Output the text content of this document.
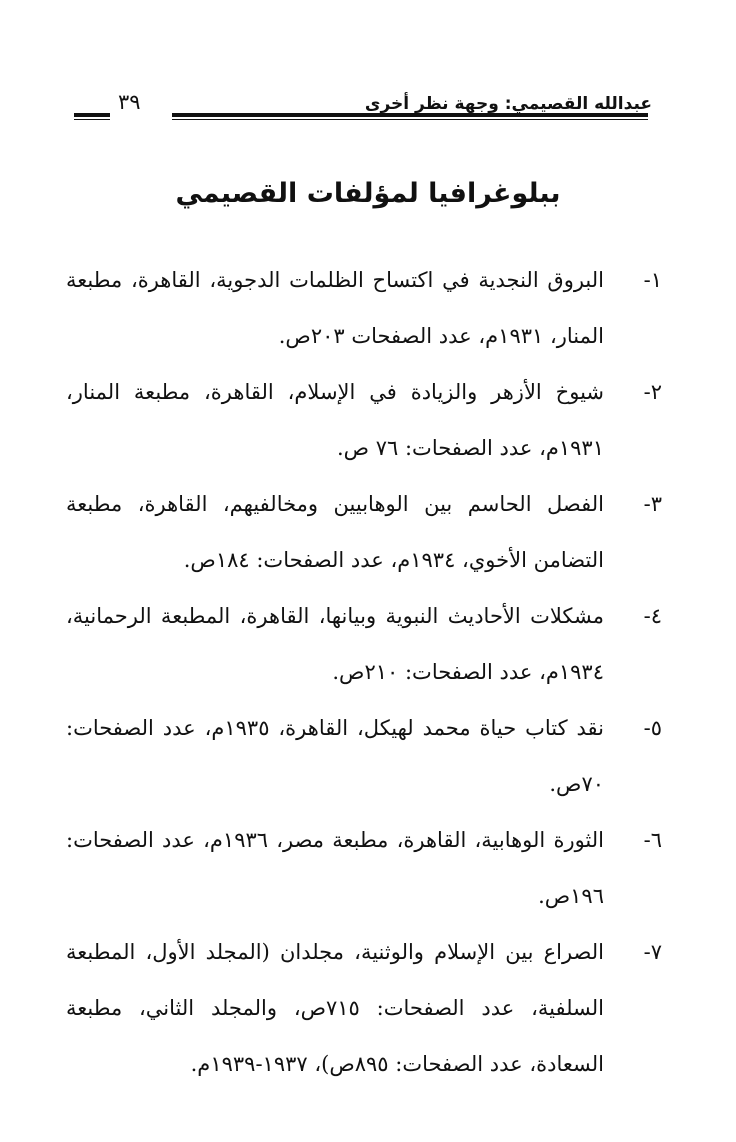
عبدالله القصيمي: وجهة نظر أخرى
٣٩
ببلوغرافيا لمؤلفات القصيمي
١-
البروق النجدية في اكتساح الظلمات الدجوية، القاهرة، مطبعة المنار، ١٩٣١م، عدد الصفحات ٢٠٣ص.
٢-
شيوخ الأزهر والزيادة في الإسلام، القاهرة، مطبعة المنار، ١٩٣١م، عدد الصفحات: ٧٦ ص.
٣-
الفصل الحاسم بين الوهابيين ومخالفيهم، القاهرة، مطبعة التضامن الأخوي، ١٩٣٤م، عدد الصفحات: ١٨٤ص.
٤-
مشكلات الأحاديث النبوية وبيانها، القاهرة، المطبعة الرحمانية، ١٩٣٤م، عدد الصفحات: ٢١٠ص.
٥-
نقد كتاب حياة محمد لهيكل، القاهرة، ١٩٣٥م، عدد الصفحات: ٧٠ص.
٦-
الثورة الوهابية، القاهرة، مطبعة مصر، ١٩٣٦م، عدد الصفحات: ١٩٦ص.
٧-
الصراع بين الإسلام والوثنية، مجلدان (المجلد الأول، المطبعة السلفية، عدد الصفحات: ٧١٥ص، والمجلد الثاني، مطبعة السعادة، عدد الصفحات: ٨٩٥ص)، ١٩٣٧-١٩٣٩م.
